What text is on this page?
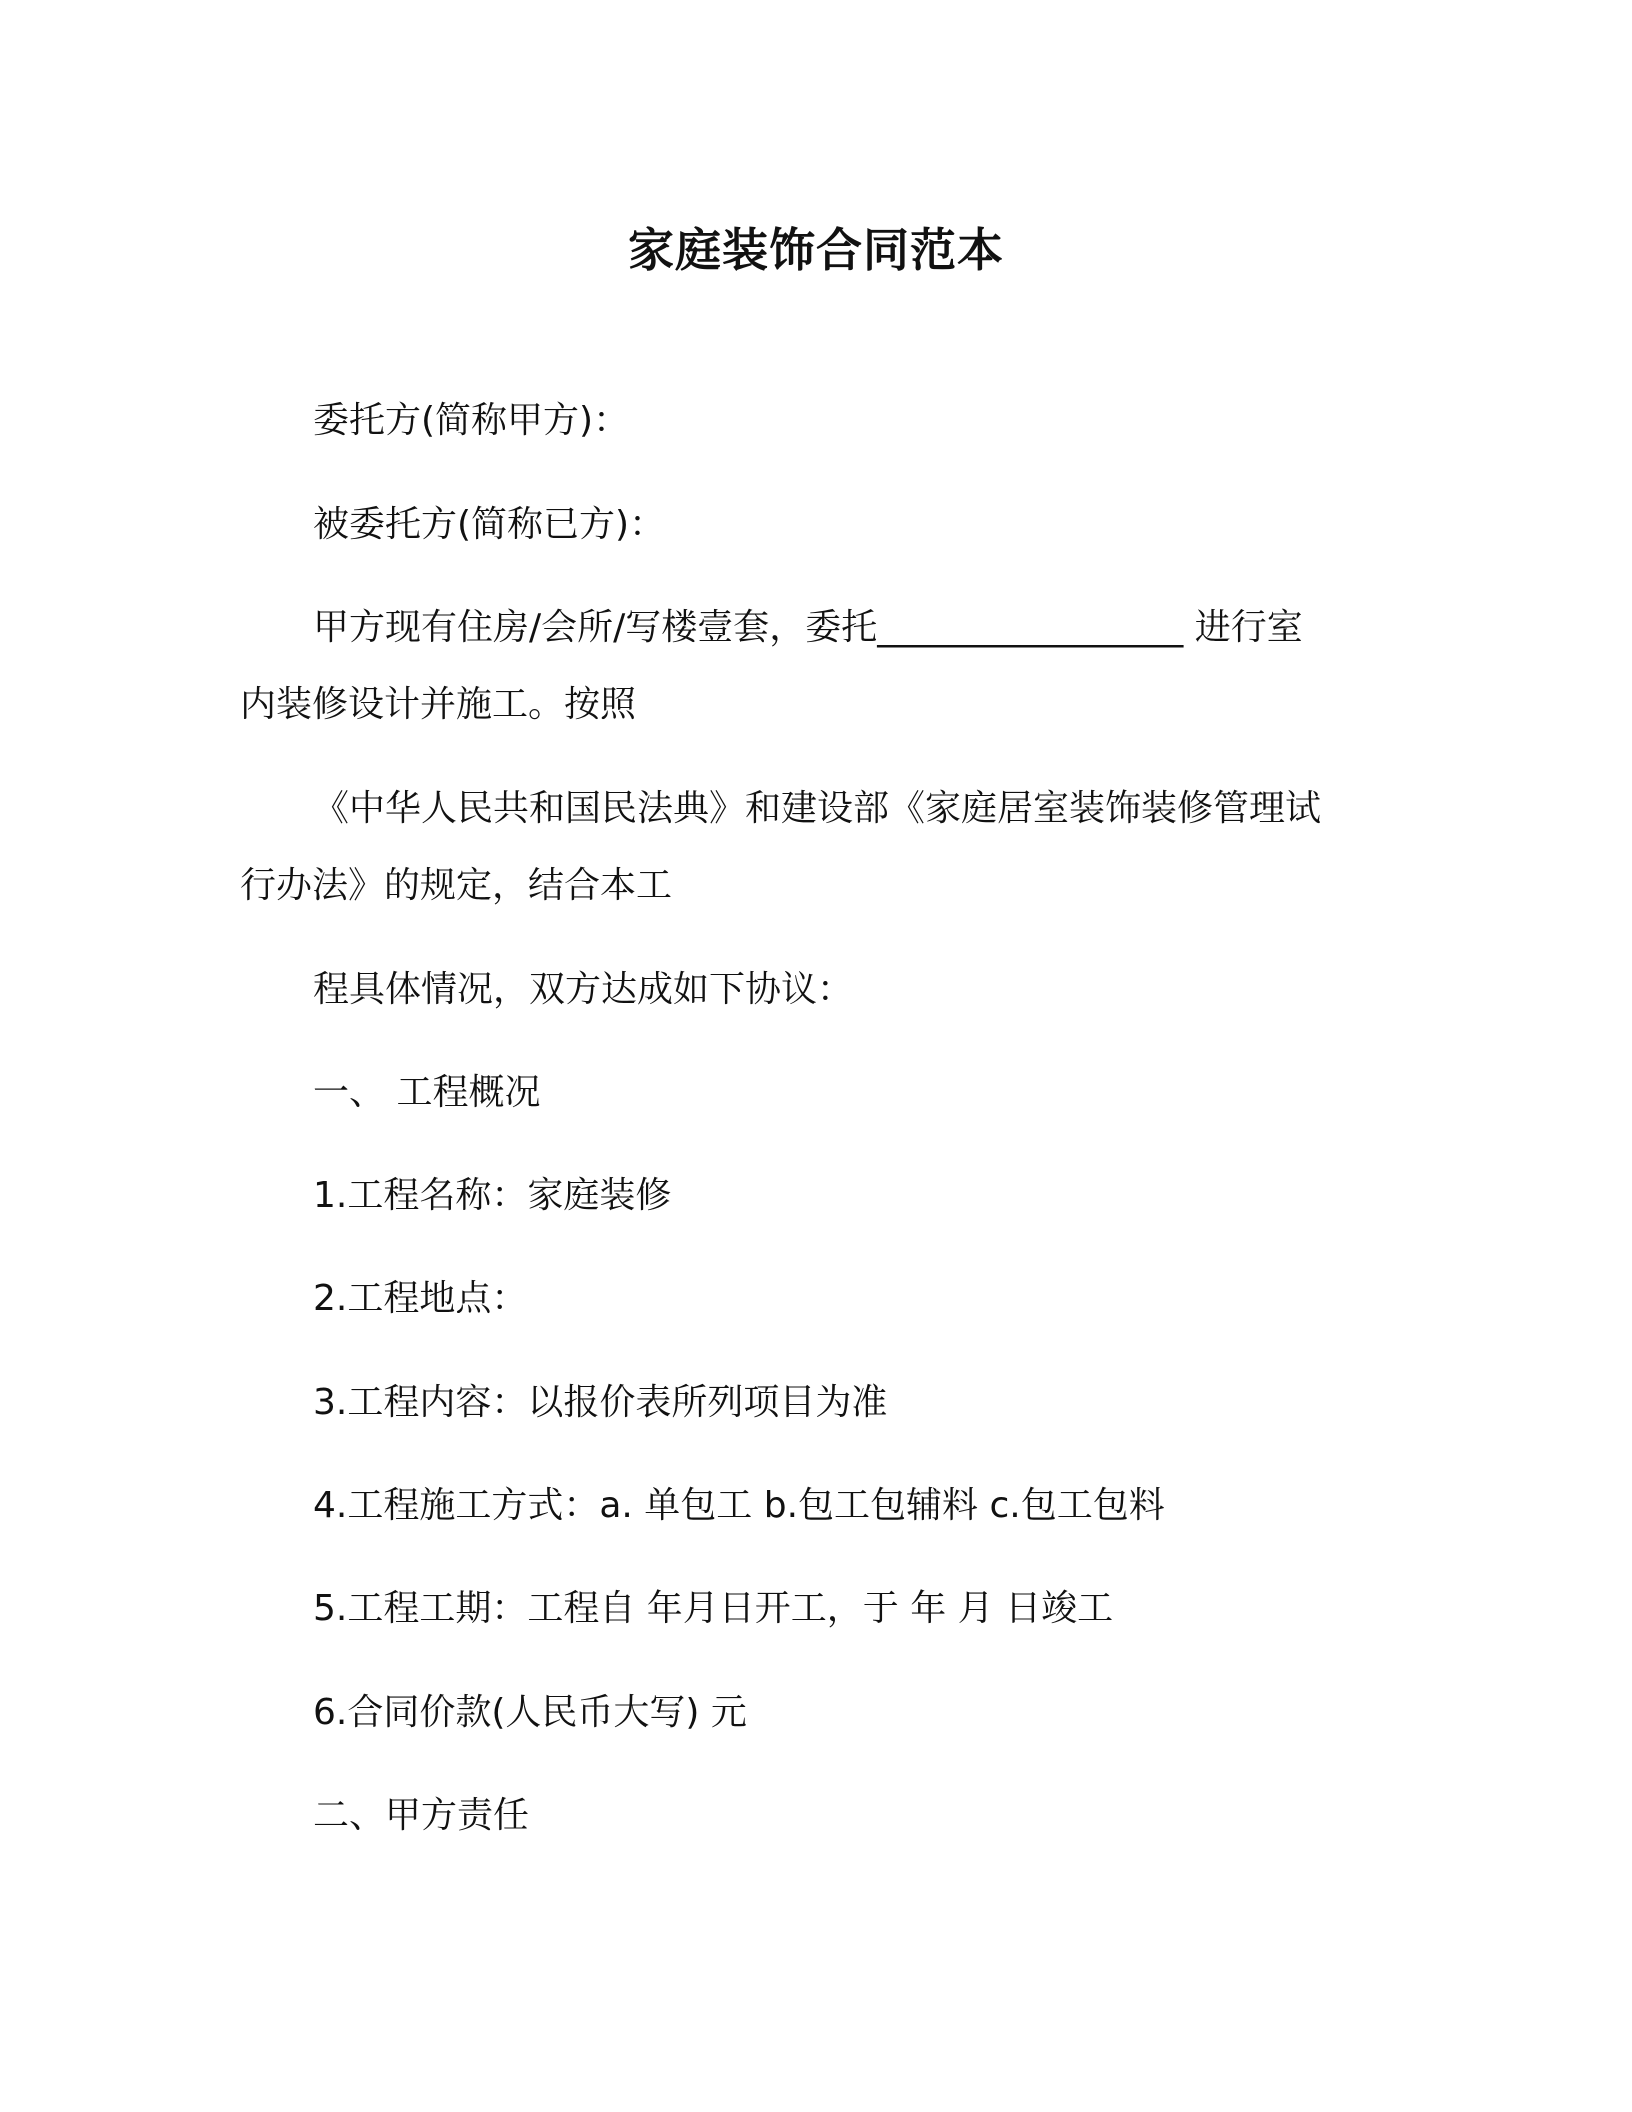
家庭装饰合同范本
委托方(简称甲方)：
被委托方(简称已方)：
甲方现有住房/会所/写楼壹套，委托_________________ 进行室
内装修设计并施工。按照
《中华人民共和国民法典》和建设部《家庭居室装饰装修管理试
行办法》的规定，结合本工
程具体情况，双方达成如下协议：
一、 工程概况
1.工程名称：家庭装修
2.工程地点：
3.工程内容：以报价表所列项目为准
4.工程施工方式：a. 单包工 b.包工包辅料 c.包工包料
5.工程工期：工程自 年月日开工，于 年 月 日竣工
6.合同价款(人民币大写) 元
二、甲方责任
